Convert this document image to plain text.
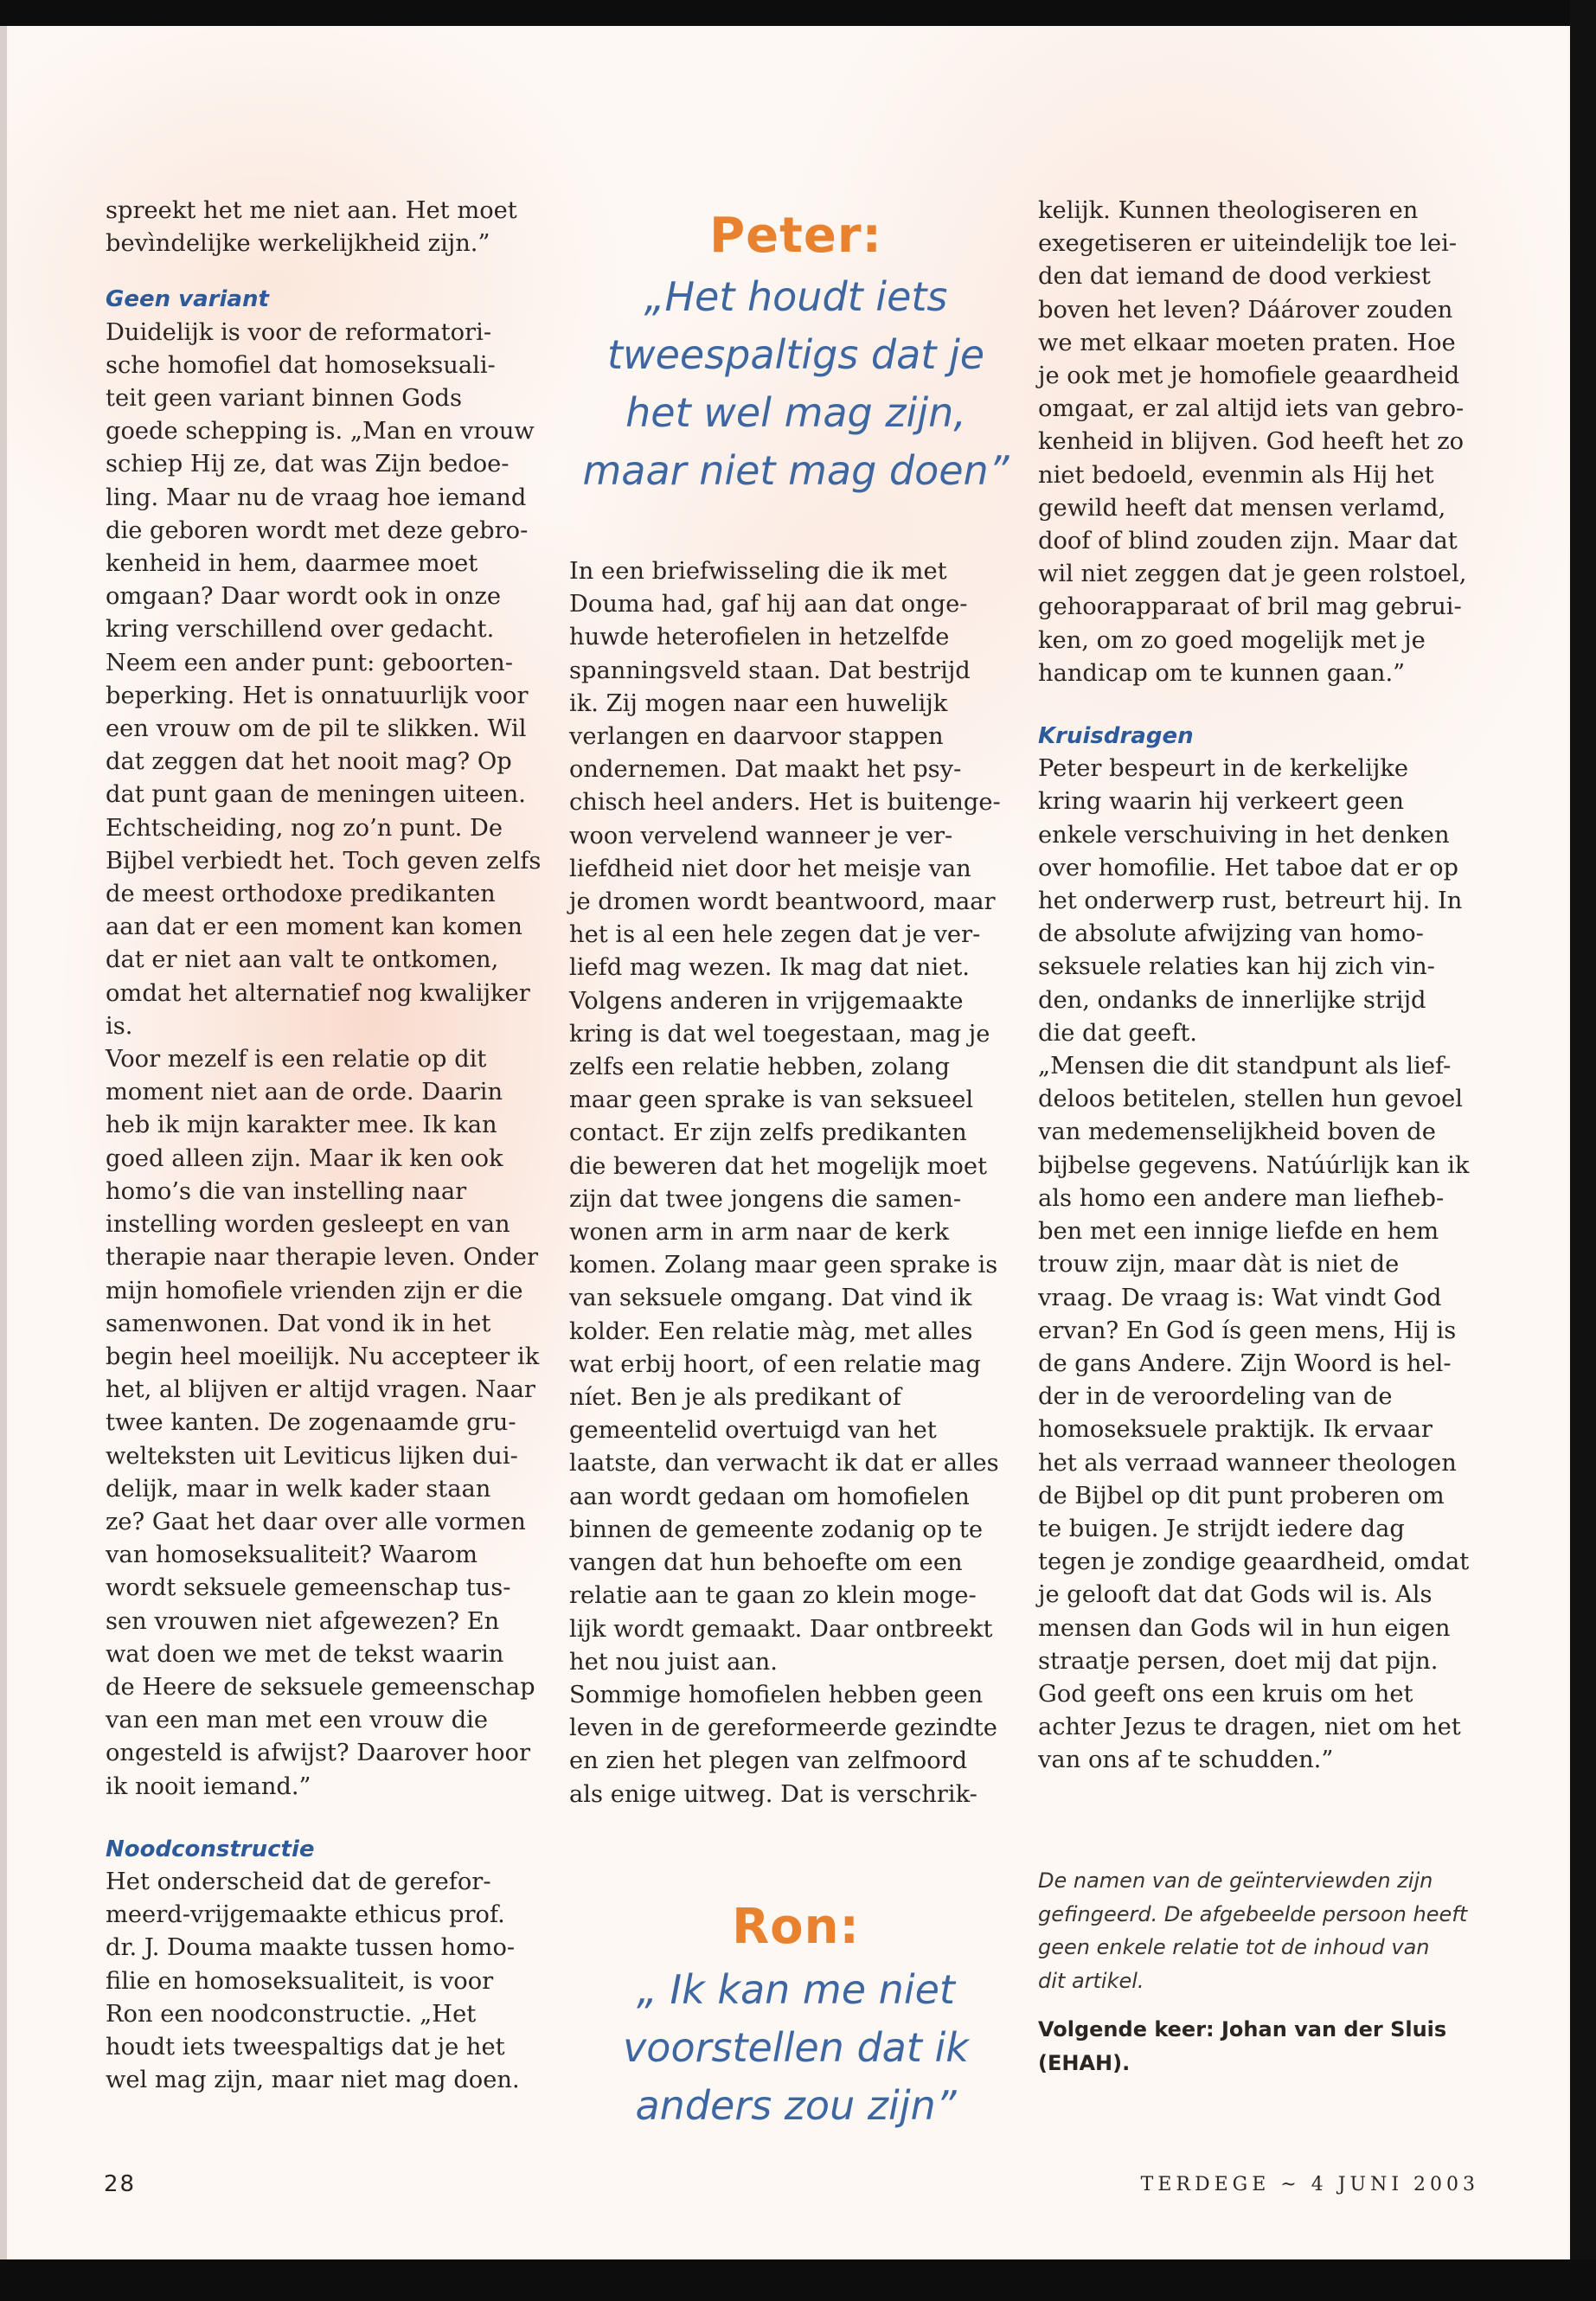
spreekt het me niet aan. Het moet
bevìndelijke werkelijkheid zijn.”

Geen variant

Duidelijk is voor de reformatori-
sche homofiel dat homoseksuali-
teit geen variant binnen Gods
goede schepping is. „Man en vrouw
schiep Hij ze, dat was Zijn bedoe-
ling. Maar nu de vraag hoe iemand
die geboren wordt met deze gebro-
kenheid in hem, daarmee moet
omgaan? Daar wordt ook in onze
kring verschillend over gedacht.
Neem een ander punt: geboorten-
beperking. Het is onnatuurlijk voor
een vrouw om de pil te slikken. Wil
dat zeggen dat het nooit mag? Op
dat punt gaan de meningen uiteen.
Echtscheiding, nog zo’n punt. De
Bijbel verbiedt het. Toch geven zelfs
de meest orthodoxe predikanten
aan dat er een moment kan komen
dat er niet aan valt te ontkomen,
omdat het alternatief nog kwalijker
is.
Voor mezelf is een relatie op dit
moment niet aan de orde. Daarin
heb ik mijn karakter mee. Ik kan
goed alleen zijn. Maar ik ken ook
homo’s die van instelling naar
instelling worden gesleept en van
therapie naar therapie leven. Onder
mijn homofiele vrienden zijn er die
samenwonen. Dat vond ik in het
begin heel moeilijk. Nu accepteer ik
het, al blijven er altijd vragen. Naar
twee kanten. De zogenaamde gru-
welteksten uit Leviticus lijken dui-
delijk, maar in welk kader staan
ze? Gaat het daar over alle vormen
van homoseksualiteit? Waarom
wordt seksuele gemeenschap tus-
sen vrouwen niet afgewezen? En
wat doen we met de tekst waarin
de Heere de seksuele gemeenschap
van een man met een vrouw die
ongesteld is afwijst? Daarover hoor
ik nooit iemand.”

Noodconstructie

Het onderscheid dat de gerefor-
meerd-vrijgemaakte ethicus prof.
dr. J. Douma maakte tussen homo-
filie en homoseksualiteit, is voor
Ron een noodconstructie. „Het
houdt iets tweespaltigs dat je het
wel mag zijn, maar niet mag doen.

Peter:
„Het houdt iets
tweespaltigs dat je
het wel mag zijn,
maar niet mag doen”

In een briefwisseling die ik met
Douma had, gaf hij aan dat onge-
huwde heterofielen in hetzelfde
spanningsveld staan. Dat bestrijd
ik. Zij mogen naar een huwelijk
verlangen en daarvoor stappen
ondernemen. Dat maakt het psy-
chisch heel anders. Het is buitenge-
woon vervelend wanneer je ver-
liefdheid niet door het meisje van
je dromen wordt beantwoord, maar
het is al een hele zegen dat je ver-
liefd mag wezen. Ik mag dat niet.
Volgens anderen in vrijgemaakte
kring is dat wel toegestaan, mag je
zelfs een relatie hebben, zolang
maar geen sprake is van seksueel
contact. Er zijn zelfs predikanten
die beweren dat het mogelijk moet
zijn dat twee jongens die samen-
wonen arm in arm naar de kerk
komen. Zolang maar geen sprake is
van seksuele omgang. Dat vind ik
kolder. Een relatie màg, met alles
wat erbij hoort, of een relatie mag
níet. Ben je als predikant of
gemeentelid overtuigd van het
laatste, dan verwacht ik dat er alles
aan wordt gedaan om homofielen
binnen de gemeente zodanig op te
vangen dat hun behoefte om een
relatie aan te gaan zo klein moge-
lijk wordt gemaakt. Daar ontbreekt
het nou juist aan.
Sommige homofielen hebben geen
leven in de gereformeerde gezindte
en zien het plegen van zelfmoord
als enige uitweg. Dat is verschrik-

Ron:
„ Ik kan me niet
voorstellen dat ik
anders zou zijn”

kelijk. Kunnen theologiseren en
exegetiseren er uiteindelijk toe lei-
den dat iemand de dood verkiest
boven het leven? Dáárover zouden
we met elkaar moeten praten. Hoe
je ook met je homofiele geaardheid
omgaat, er zal altijd iets van gebro-
kenheid in blijven. God heeft het zo
niet bedoeld, evenmin als Hij het
gewild heeft dat mensen verlamd,
doof of blind zouden zijn. Maar dat
wil niet zeggen dat je geen rolstoel,
gehoorapparaat of bril mag gebrui-
ken, om zo goed mogelijk met je
handicap om te kunnen gaan.”

Kruisdragen

Peter bespeurt in de kerkelijke
kring waarin hij verkeert geen
enkele verschuiving in het denken
over homofilie. Het taboe dat er op
het onderwerp rust, betreurt hij. In
de absolute afwijzing van homo-
seksuele relaties kan hij zich vin-
den, ondanks de innerlijke strijd
die dat geeft.
„Mensen die dit standpunt als lief-
deloos betitelen, stellen hun gevoel
van medemenselijkheid boven de
bijbelse gegevens. Natúúrlijk kan ik
als homo een andere man liefheb-
ben met een innige liefde en hem
trouw zijn, maar dàt is niet de
vraag. De vraag is: Wat vindt God
ervan? En God ís geen mens, Hij is
de gans Andere. Zijn Woord is hel-
der in de veroordeling van de
homoseksuele praktijk. Ik ervaar
het als verraad wanneer theologen
de Bijbel op dit punt proberen om
te buigen. Je strijdt iedere dag
tegen je zondige geaardheid, omdat
je gelooft dat dat Gods wil is. Als
mensen dan Gods wil in hun eigen
straatje persen, doet mij dat pijn.
God geeft ons een kruis om het
achter Jezus te dragen, niet om het
van ons af te schudden.”

De namen van de geïnterviewden zijn
gefingeerd. De afgebeelde persoon heeft
geen enkele relatie tot de inhoud van
dit artikel.
Volgende keer: Johan van der Sluis
(EHAH).
28	TERDEGE ~ 4 JUNI 2003
